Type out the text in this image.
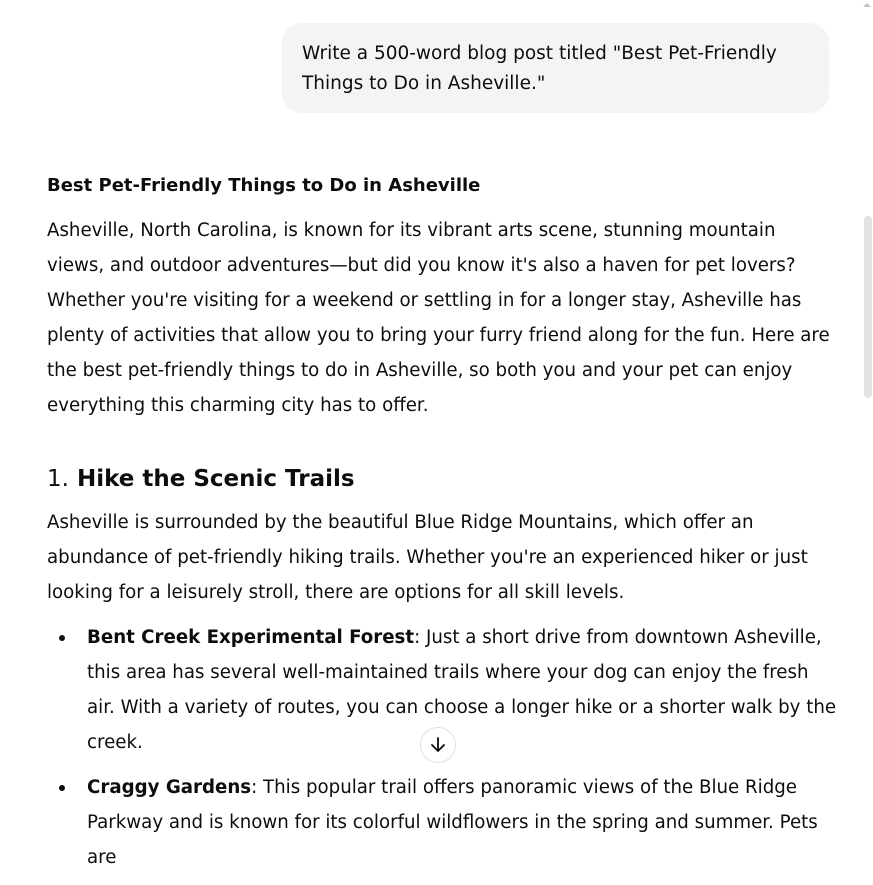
Write a 500-word blog post titled "Best Pet-Friendly Things to Do in Asheville."
Best Pet-Friendly Things to Do in Asheville

Asheville, North Carolina, is known for its vibrant arts scene, stunning mountain views, and outdoor adventures—but did you know it's also a haven for pet lovers? Whether you're visiting for a weekend or settling in for a longer stay, Asheville has plenty of activities that allow you to bring your furry friend along for the fun. Here are the best pet-friendly things to do in Asheville, so both you and your pet can enjoy everything this charming city has to offer.

1. Hike the Scenic Trails

Asheville is surrounded by the beautiful Blue Ridge Mountains, which offer an abundance of pet-friendly hiking trails. Whether you're an experienced hiker or just looking for a leisurely stroll, there are options for all skill levels.

Bent Creek Experimental Forest: Just a short drive from downtown Asheville, this area has several well-maintained trails where your dog can enjoy the fresh air. With a variety of routes, you can choose a longer hike or a shorter walk by the creek.
Craggy Gardens: This popular trail offers panoramic views of the Blue Ridge Parkway and is known for its colorful wildflowers in the spring and summer. Pets are
